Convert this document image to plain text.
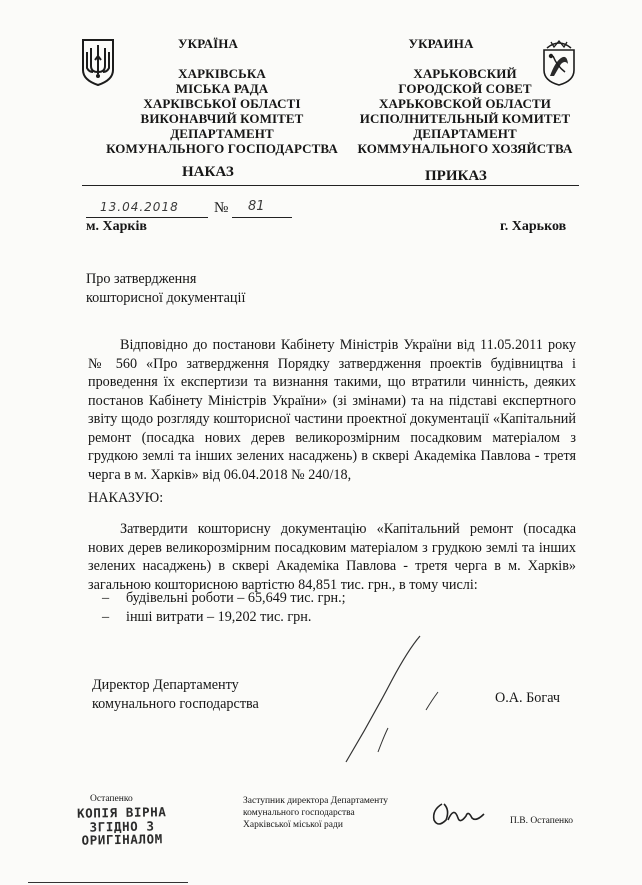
УКРАЇНА
ХАРКІВСЬКА
МІСЬКА РАДА
ХАРКІВСЬКОЇ ОБЛАСТІ
ВИКОНАВЧИЙ КОМІТЕТ
ДЕПАРТАМЕНТ
КОМУНАЛЬНОГО ГОСПОДАРСТВА
УКРАИНА
ХАРЬКОВСКИЙ
ГОРОДСКОЙ СОВЕТ
ХАРЬКОВСКОЙ ОБЛАСТИ
ИСПОЛНИТЕЛЬНЫЙ КОМИТЕТ
ДЕПАРТАМЕНТ
КОММУНАЛЬНОГО ХОЗЯЙСТВА
НАКАЗ	ПРИКАЗ
13.04.2018 № 81
м. Харків	г. Харьков
Про затвердження
кошторисної документації
Відповідно до постанови Кабінету Міністрів України від 11.05.2011 року № 560 «Про затвердження Порядку затвердження проектів будівництва і проведення їх експертизи та визнання такими, що втратили чинність, деяких постанов Кабінету Міністрів України» (зі змінами) та на підставі експертного звіту щодо розгляду кошторисної частини проектної документації «Капітальний ремонт (посадка нових дерев великорозмірним посадковим матеріалом з грудкою землі та інших зелених насаджень) в сквері Академіка Павлова - третя черга в м. Харків» від 06.04.2018 № 240/18,
НАКАЗУЮ:
Затвердити кошторисну документацію «Капітальний ремонт (посадка нових дерев великорозмірним посадковим матеріалом з грудкою землі та інших зелених насаджень) в сквері Академіка Павлова - третя черга в м. Харків» загальною кошторисною вартістю 84,851 тис. грн., в тому числі:
– будівельні роботи – 65,649 тис. грн.;
– інші витрати – 19,202 тис. грн.
Директор Департаменту
комунального господарства	О.А. Богач
Остапенко
КОПІЯ ВІРНА
ЗГІДНО З
ОРИГІНАЛОМ
Заступник директора Департаменту
комунального господарства
Харківської міської ради	П.В. Остапенко
